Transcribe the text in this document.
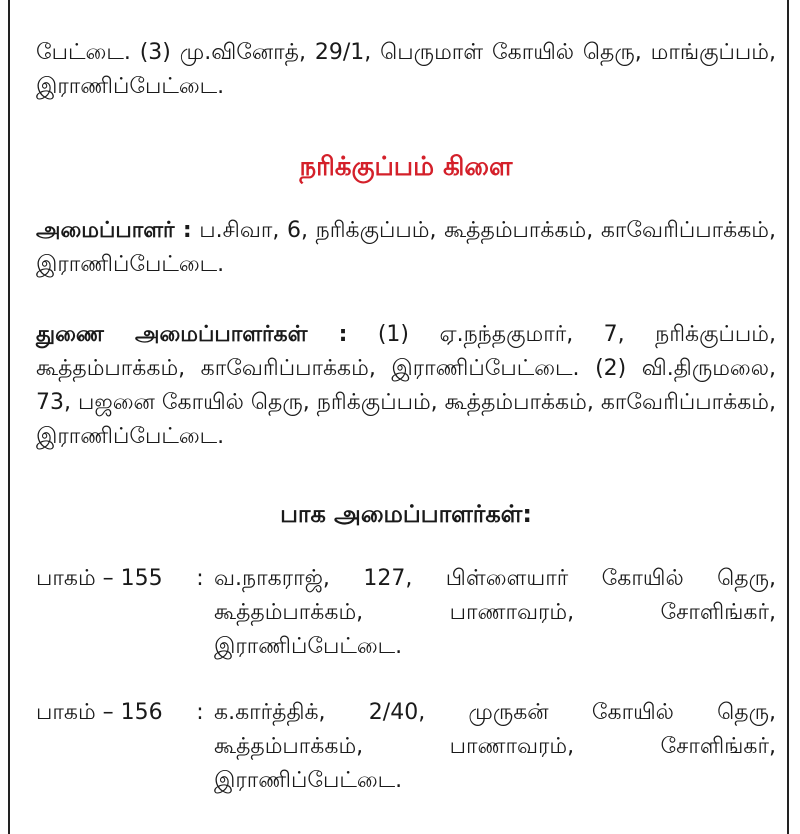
பேட்டை. (3) மு.வினோத், 29/1, பெருமாள் கோயில் தெரு, மாங்குப்பம், இராணிப்பேட்டை.

நரிக்குப்பம் கிளை

அமைப்பாளர் : ப.சிவா, 6, நரிக்குப்பம், கூத்தம்பாக்கம், காவேரிப்பாக்கம், இராணிப்பேட்டை.

துணை அமைப்பாளர்கள் : (1) ஏ.நந்தகுமார், 7, நரிக்குப்பம், கூத்தம்பாக்கம், காவேரிப்பாக்கம், இராணிப்பேட்டை. (2) வி.திருமலை, 73, பஜனை கோயில் தெரு, நரிக்குப்பம், கூத்தம்பாக்கம், காவேரிப்பாக்கம், இராணிப்பேட்டை.

பாக அமைப்பாளர்கள்:
பாகம் – 155	: வ.நாகராஜ், 127, பிள்ளையார் கோயில் தெரு, கூத்தம்பாக்கம், பாணாவரம், சோளிங்கர், இராணிப்பேட்டை.
பாகம் – 156	: க.கார்த்திக், 2/40, முருகன் கோயில் தெரு, கூத்தம்பாக்கம், பாணாவரம், சோளிங்கர், இராணிப்பேட்டை.
